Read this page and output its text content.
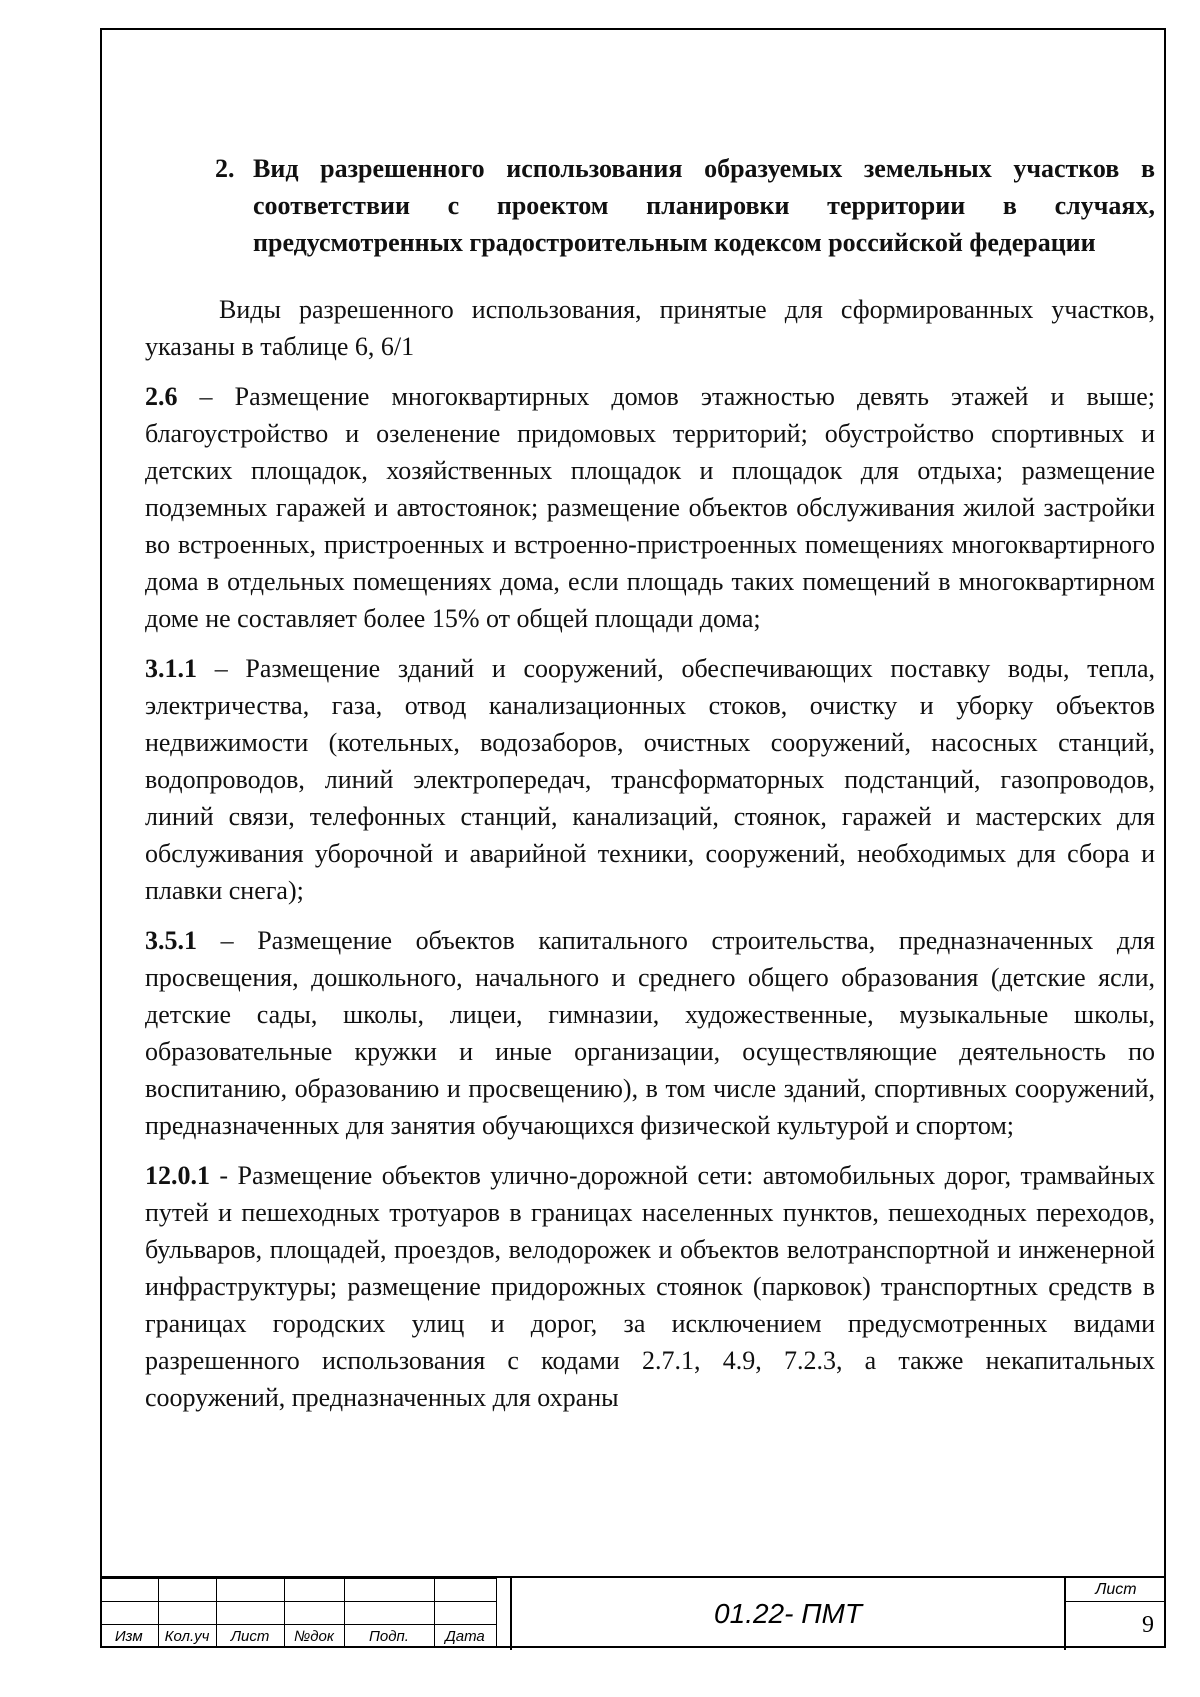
2. Вид разрешенного использования образуемых земельных участков в соответствии с проектом планировки территории в случаях, предусмотренных градостроительным кодексом российской федерации

Виды разрешенного использования, принятые для сформированных участков, указаны в таблице 6, 6/1

2.6 – Размещение многоквартирных домов этажностью девять этажей и выше; благоустройство и озеленение придомовых территорий; обустройство спортивных и детских площадок, хозяйственных площадок и площадок для отдыха; размещение подземных гаражей и автостоянок; размещение объектов обслуживания жилой застройки во встроенных, пристроенных и встроенно-пристроенных помещениях многоквартирного дома в отдельных помещениях дома, если площадь таких помещений в многоквартирном доме не составляет более 15% от общей площади дома;

3.1.1 – Размещение зданий и сооружений, обеспечивающих поставку воды, тепла, электричества, газа, отвод канализационных стоков, очистку и уборку объектов недвижимости (котельных, водозаборов, очистных сооружений, насосных станций, водопроводов, линий электропередач, трансформаторных подстанций, газопроводов, линий связи, телефонных станций, канализаций, стоянок, гаражей и мастерских для обслуживания уборочной и аварийной техники, сооружений, необходимых для сбора и плавки снега);

3.5.1 – Размещение объектов капитального строительства, предназначенных для просвещения, дошкольного, начального и среднего общего образования (детские ясли, детские сады, школы, лицеи, гимназии, художественные, музыкальные школы, образовательные кружки и иные организации, осуществляющие деятельность по воспитанию, образованию и просвещению), в том числе зданий, спортивных сооружений, предназначенных для занятия обучающихся физической культурой и спортом;

12.0.1 - Размещение объектов улично-дорожной сети: автомобильных дорог, трамвайных путей и пешеходных тротуаров в границах населенных пунктов, пешеходных переходов, бульваров, площадей, проездов, велодорожек и объектов велотранспортной и инженерной инфраструктуры; размещение придорожных стоянок (парковок) транспортных средств в границах городских улиц и дорог, за исключением предусмотренных видами разрешенного использования с кодами 2.7.1, 4.9, 7.2.3, а также некапитальных сооружений, предназначенных для охраны

Изм	Кол.уч	Лист	№док	Подп.	Дата
01.22- ПМТ
Лист
9
